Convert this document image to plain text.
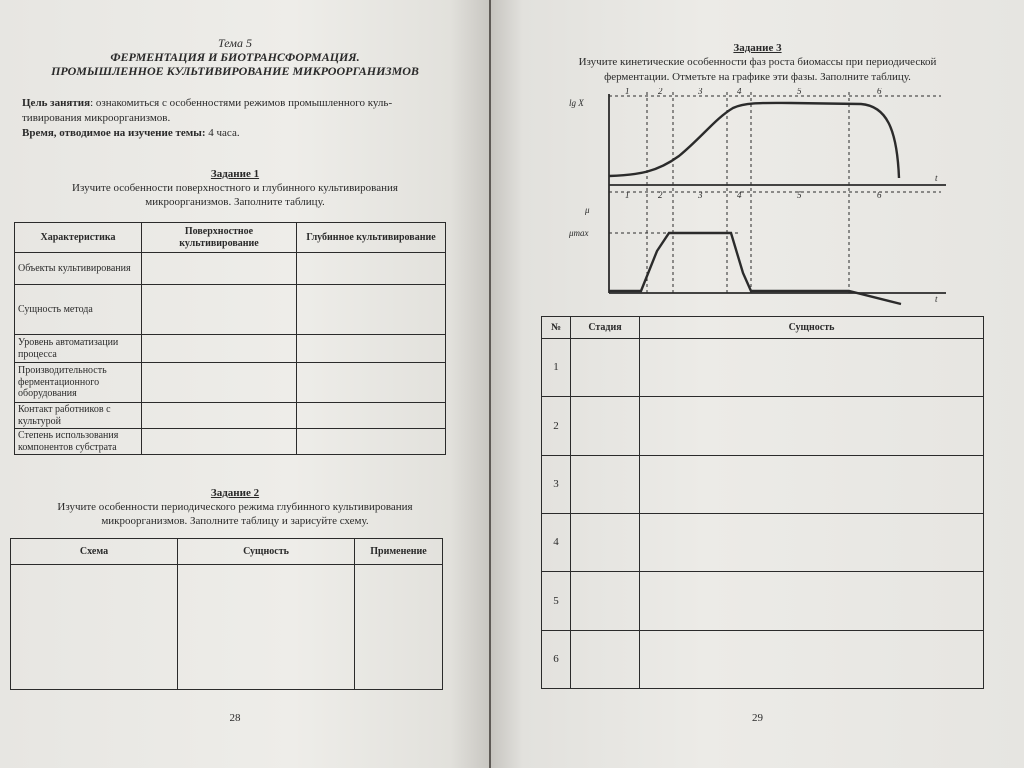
Тема 5
ФЕРМЕНТАЦИЯ И БИОТРАНСФОРМАЦИЯ.
ПРОМЫШЛЕННОЕ КУЛЬТИВИРОВАНИЕ МИКРООРГАНИЗМОВ
Цель занятия: ознакомиться с особенностями режимов промышленного куль-
тивирования микроорганизмов.
Время, отводимое на изучение темы: 4 часа.
Задание 1
Изучите особенности поверхностного и глубинного культивирования
микроорганизмов. Заполните таблицу.
Характеристика	Поверхностное культивирование	Глубинное культивирование
Объекты культивирования		
Сущность метода		
Уровень автоматизации процесса		
Производительность ферментационного оборудования		
Контакт работников с культурой		
Степень использования компонентов субстрата		
Задание 2
Изучите особенности периодического режима глубинного культивирования
микроорганизмов. Заполните таблицу и зарисуйте схему.
Схема	Сущность	Применение

28
Задание 3
Изучите кинетические особенности фаз роста биомассы при периодической
ферментации. Отметьте на графике эти фазы. Заполните таблицу.
lg X
μ
μmax
t
t
1	2	3	4	5	6
1	2	3	4	5	6
№	Стадия	Сущность
1		
2		
3		
4		
5		
6		
29
